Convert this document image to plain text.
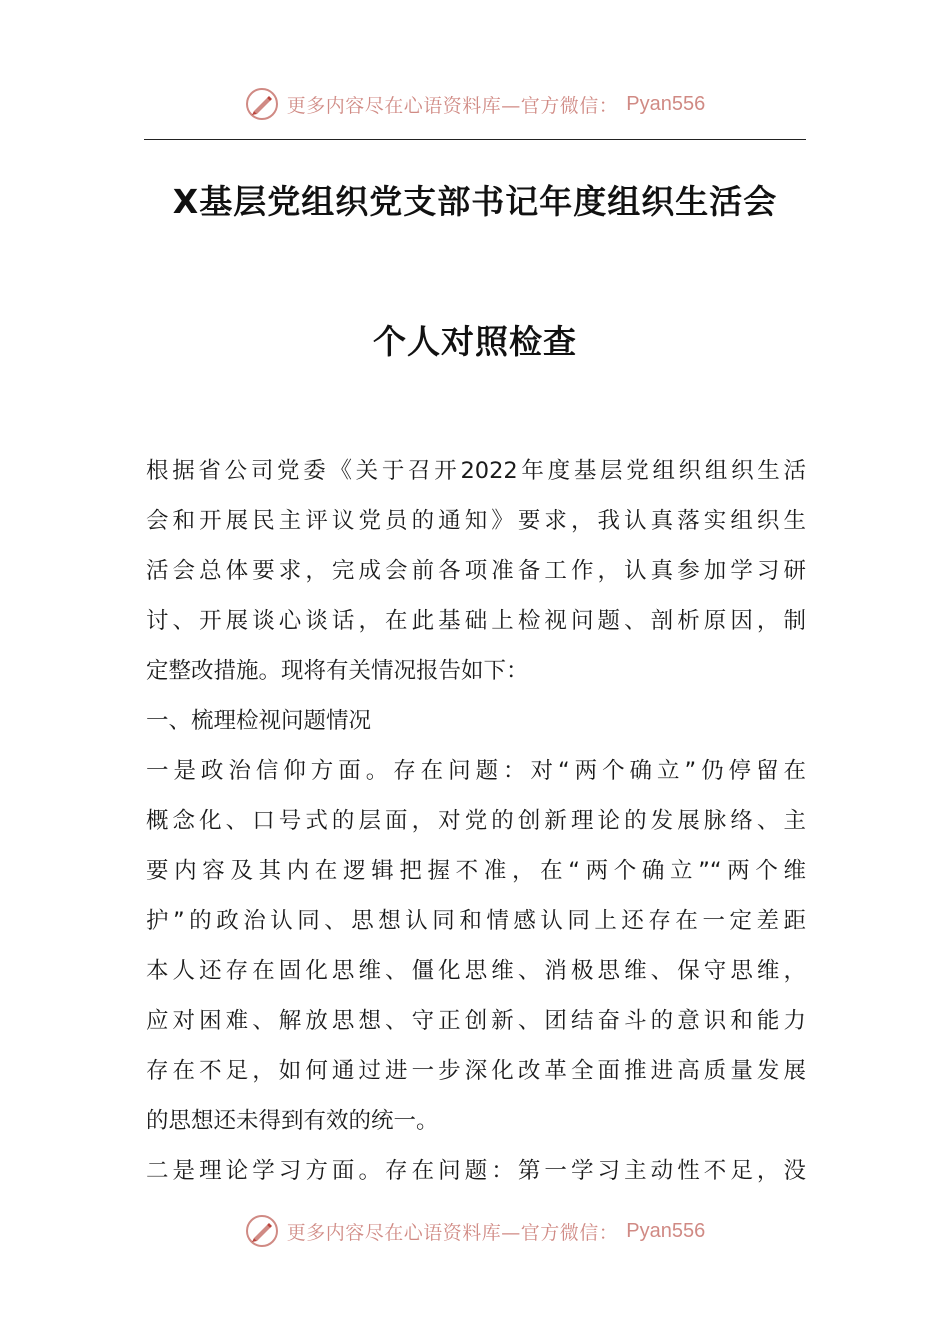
更多内容尽在心语资料库—官方微信： Pyan556
X基层党组织党支部书记年度组织生活会
个人对照检查
根据省公司党委《关于召开2022年度基层党组织组织生活
会和开展民主评议党员的通知》要求，我认真落实组织生
活会总体要求，完成会前各项准备工作，认真参加学习研
讨、开展谈心谈话，在此基础上检视问题、剖析原因，制
定整改措施。现将有关情况报告如下：
一、梳理检视问题情况
一是政治信仰方面。存在问题：对“两个确立”仍停留在
概念化、口号式的层面，对党的创新理论的发展脉络、主
要内容及其内在逻辑把握不准，在“两个确立”“两个维
护”的政治认同、思想认同和情感认同上还存在一定差距
本人还存在固化思维、僵化思维、消极思维、保守思维，
应对困难、解放思想、守正创新、团结奋斗的意识和能力
存在不足，如何通过进一步深化改革全面推进高质量发展
的思想还未得到有效的统一。
二是理论学习方面。存在问题：第一学习主动性不足，没
更多内容尽在心语资料库—官方微信： Pyan556
